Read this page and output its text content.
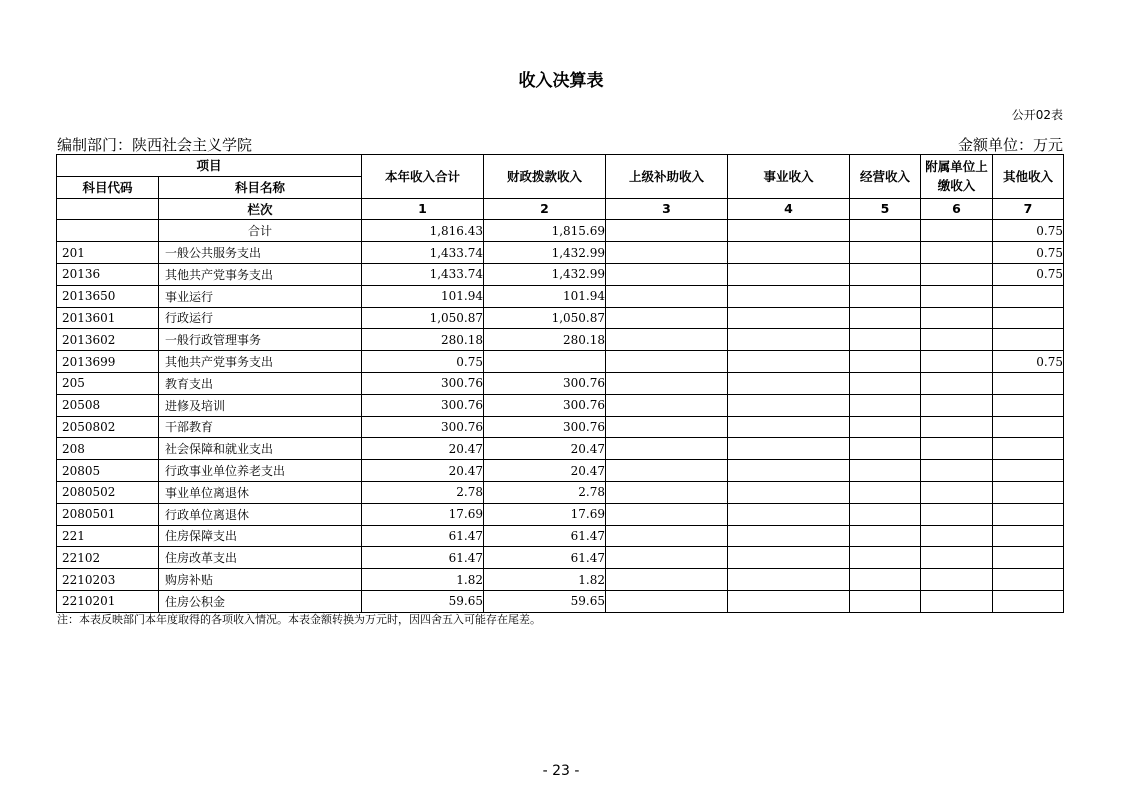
收入决算表
公开02表
编制部门：陕西社会主义学院	金额单位：万元
项目		本年收入合计	财政拨款收入	上级补助收入	事业收入	经营收入	附属单位上缴收入	其他收入
科目代码	科目名称							
	栏次	1	2	3	4	5	6	7
	合计	1,816.43	1,815.69					0.75
201	一般公共服务支出	1,433.74	1,432.99					0.75
20136	其他共产党事务支出	1,433.74	1,432.99					0.75
2013650	事业运行	101.94	101.94					
2013601	行政运行	1,050.87	1,050.87					
2013602	一般行政管理事务	280.18	280.18					
2013699	其他共产党事务支出	0.75						0.75
205	教育支出	300.76	300.76					
20508	进修及培训	300.76	300.76					
2050802	干部教育	300.76	300.76					
208	社会保障和就业支出	20.47	20.47					
20805	行政事业单位养老支出	20.47	20.47					
2080502	事业单位离退休	2.78	2.78					
2080501	行政单位离退休	17.69	17.69					
221	住房保障支出	61.47	61.47					
22102	住房改革支出	61.47	61.47					
2210203	购房补贴	1.82	1.82					
2210201	住房公积金	59.65	59.65					
注：本表反映部门本年度取得的各项收入情况。本表金额转换为万元时，因四舍五入可能存在尾差。
- 23 -
